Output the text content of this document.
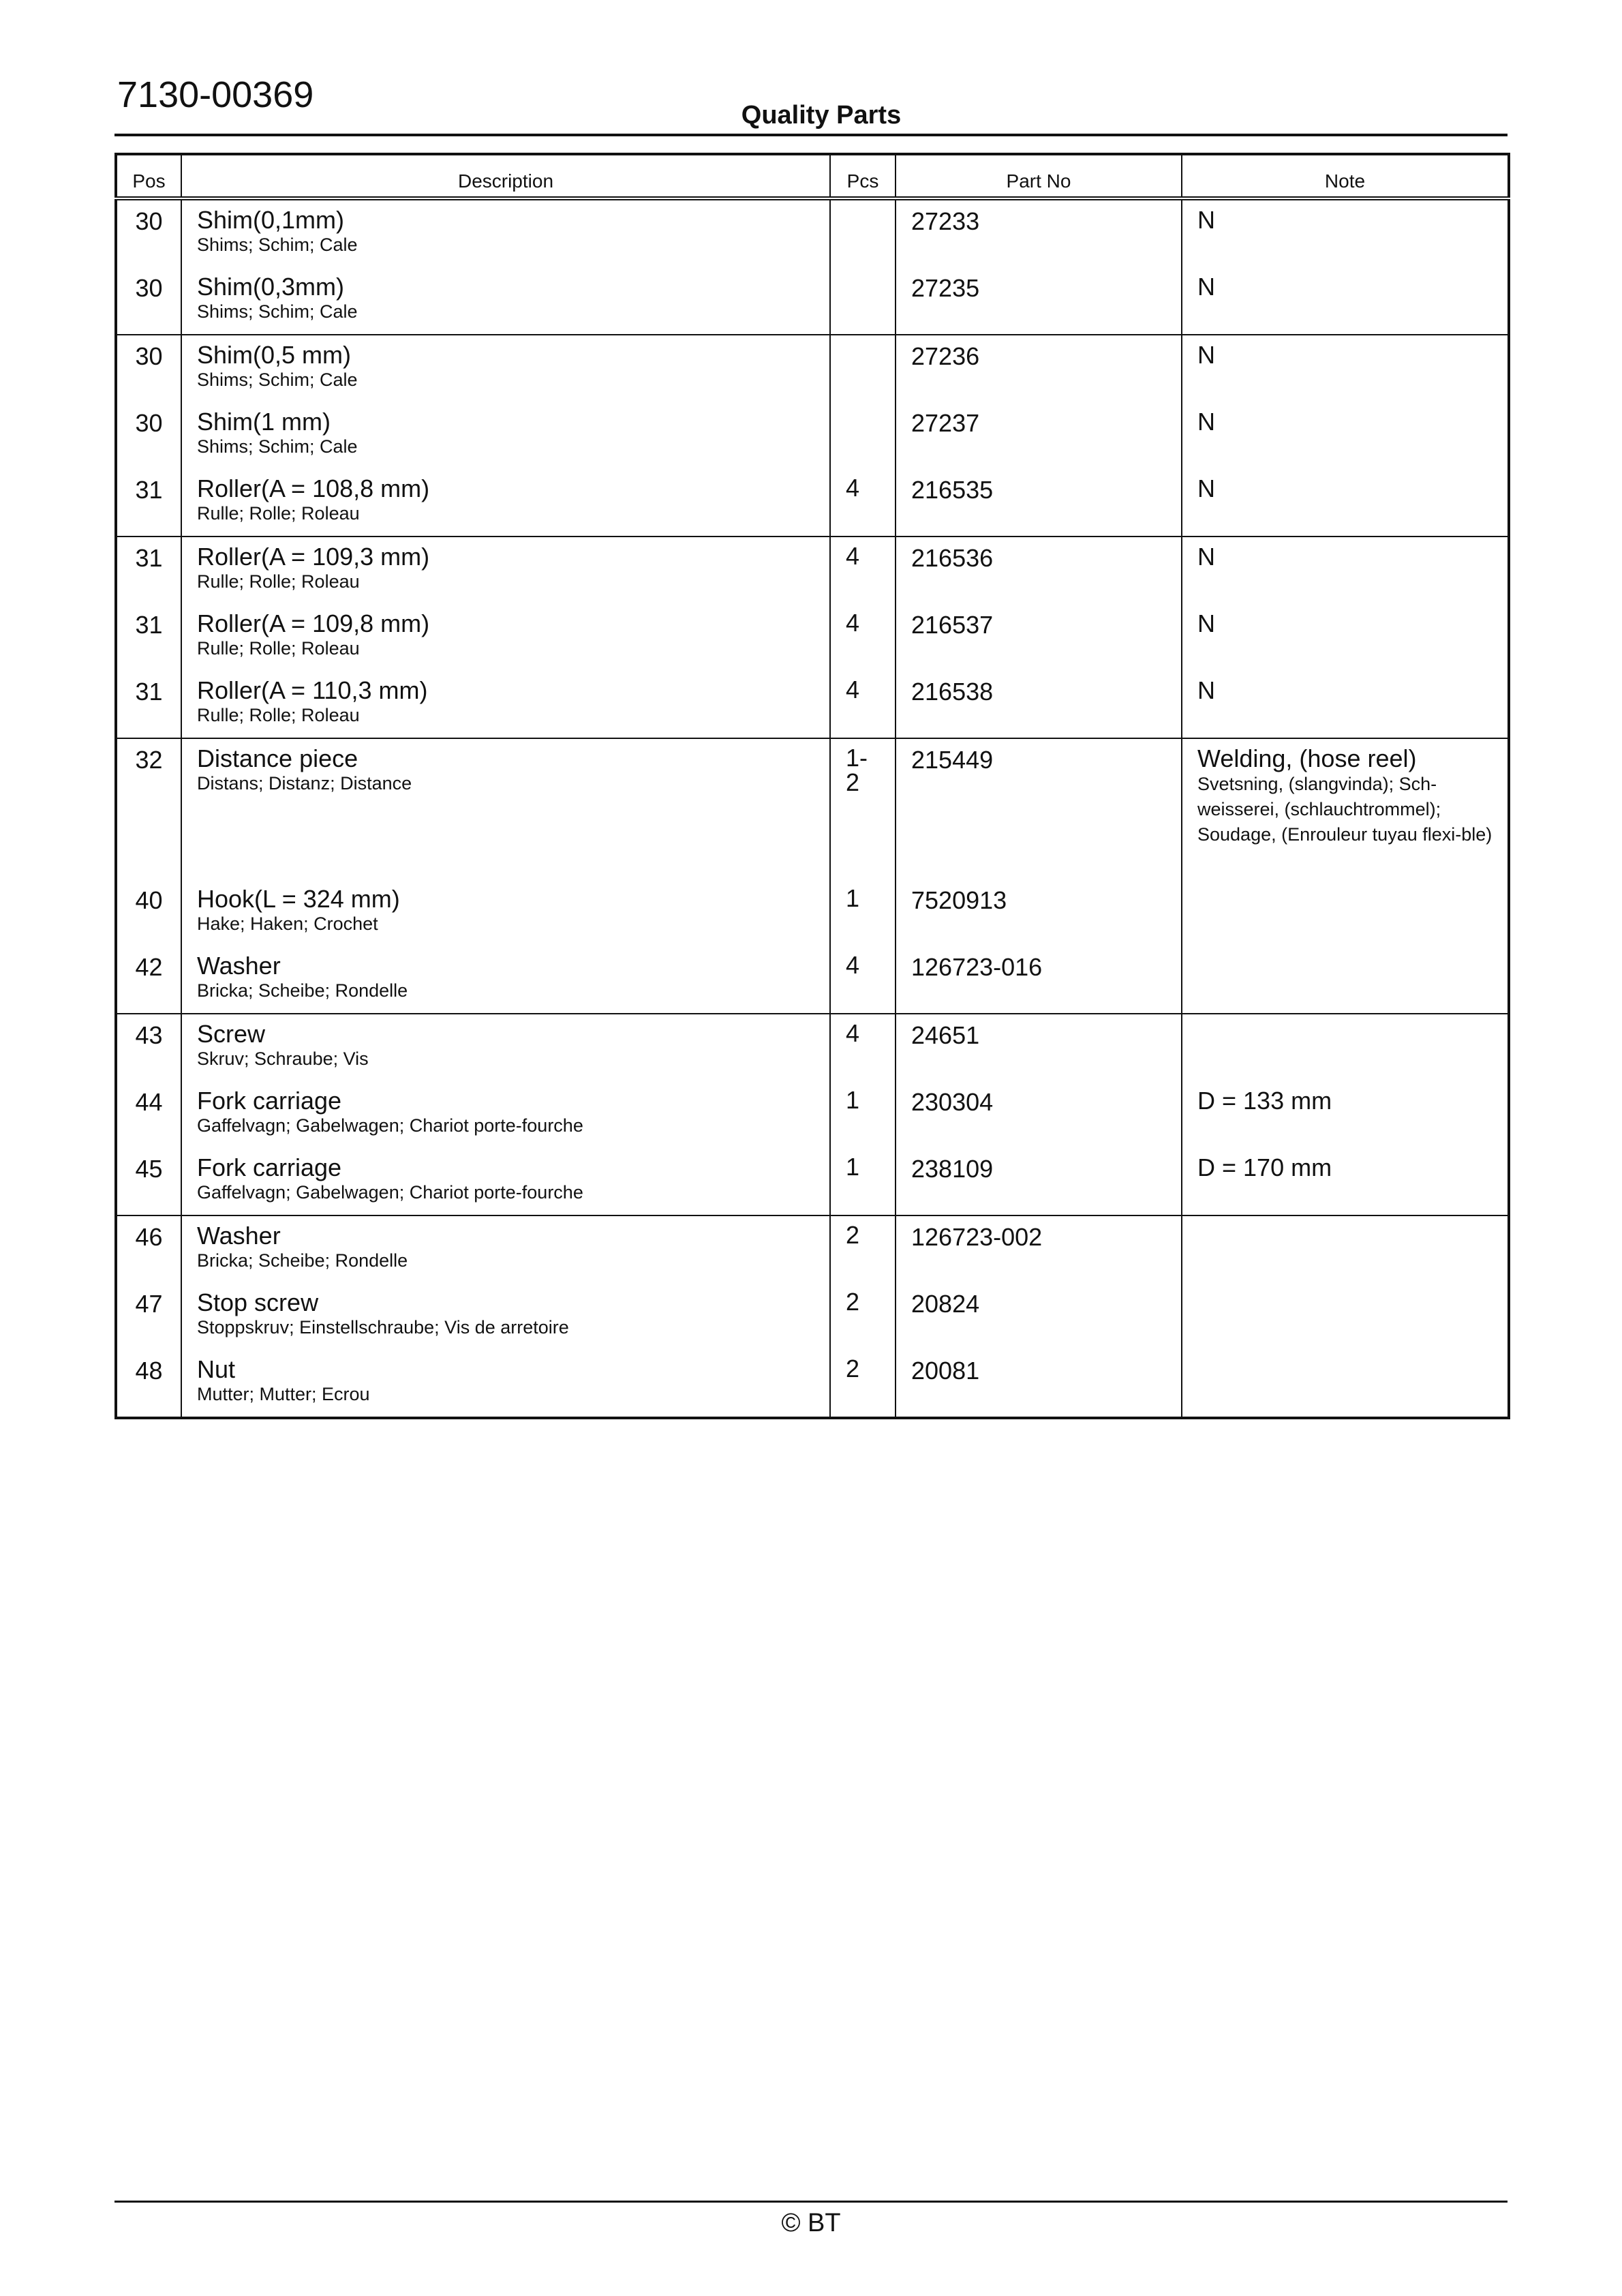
7130-00369	Quality Parts
Pos	Description	Pcs	Part No	Note
30	Shim(0,1mm)
Shims; Schim; Cale		27233	N

30	Shim(0,3mm)
Shims; Schim; Cale		27235	N

30	Shim(0,5 mm)
Shims; Schim; Cale		27236	N

30	Shim(1 mm)
Shims; Schim; Cale		27237	N

31	Roller(A = 108,8 mm)
Rulle; Rolle; Roleau	4	216535	N

31	Roller(A = 109,3 mm)
Rulle; Rolle; Roleau	4	216536	N

31	Roller(A = 109,8 mm)
Rulle; Rolle; Roleau	4	216537	N

31	Roller(A = 110,3 mm)
Rulle; Rolle; Roleau	4	216538	N

32	Distance piece
Distans; Distanz; Distance	1-2	215449	Welding, (hose reel)
Svetsning, (slangvinda); Sch-weisserei, (schlauchtrommel); Soudage, (Enrouleur tuyau flexi-ble)

40	Hook(L = 324 mm)
Hake; Haken; Crochet	1	7520913	

42	Washer
Bricka; Scheibe; Rondelle	4	126723-016	

43	Screw
Skruv; Schraube; Vis	4	24651	

44	Fork carriage
Gaffelvagn; Gabelwagen; Chariot porte-fourche	1	230304	D = 133 mm

45	Fork carriage
Gaffelvagn; Gabelwagen; Chariot porte-fourche	1	238109	D = 170 mm

46	Washer
Bricka; Scheibe; Rondelle	2	126723-002	

47	Stop screw
Stoppskruv; Einstellschraube; Vis de arretoire	2	20824	

48	Nut
Mutter; Mutter; Ecrou	2	20081	
© BT
